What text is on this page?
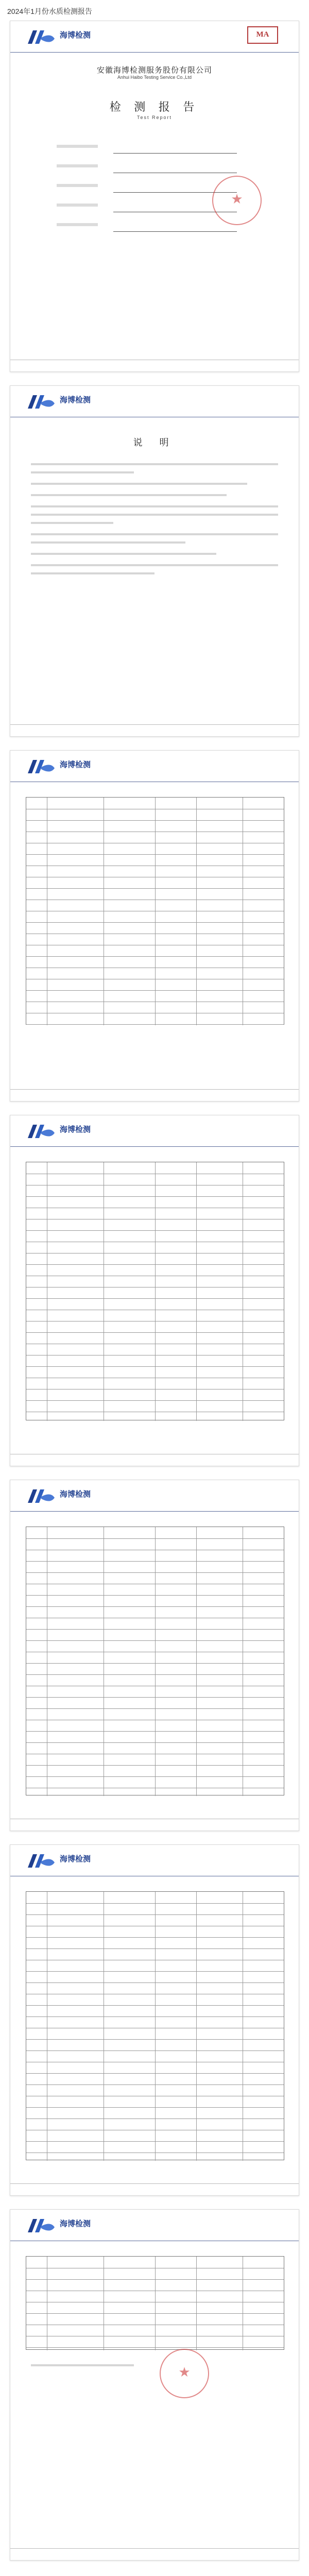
2024年1月份水质检测报告
海博检测	MA
安徽海博检测服务股份有限公司
Anhui Haibo Testing Service Co.,Ltd
检 测 报 告
Test Report
★
海博检测
说 明
海博检测
海博检测
海博检测
海博检测
海博检测
★
